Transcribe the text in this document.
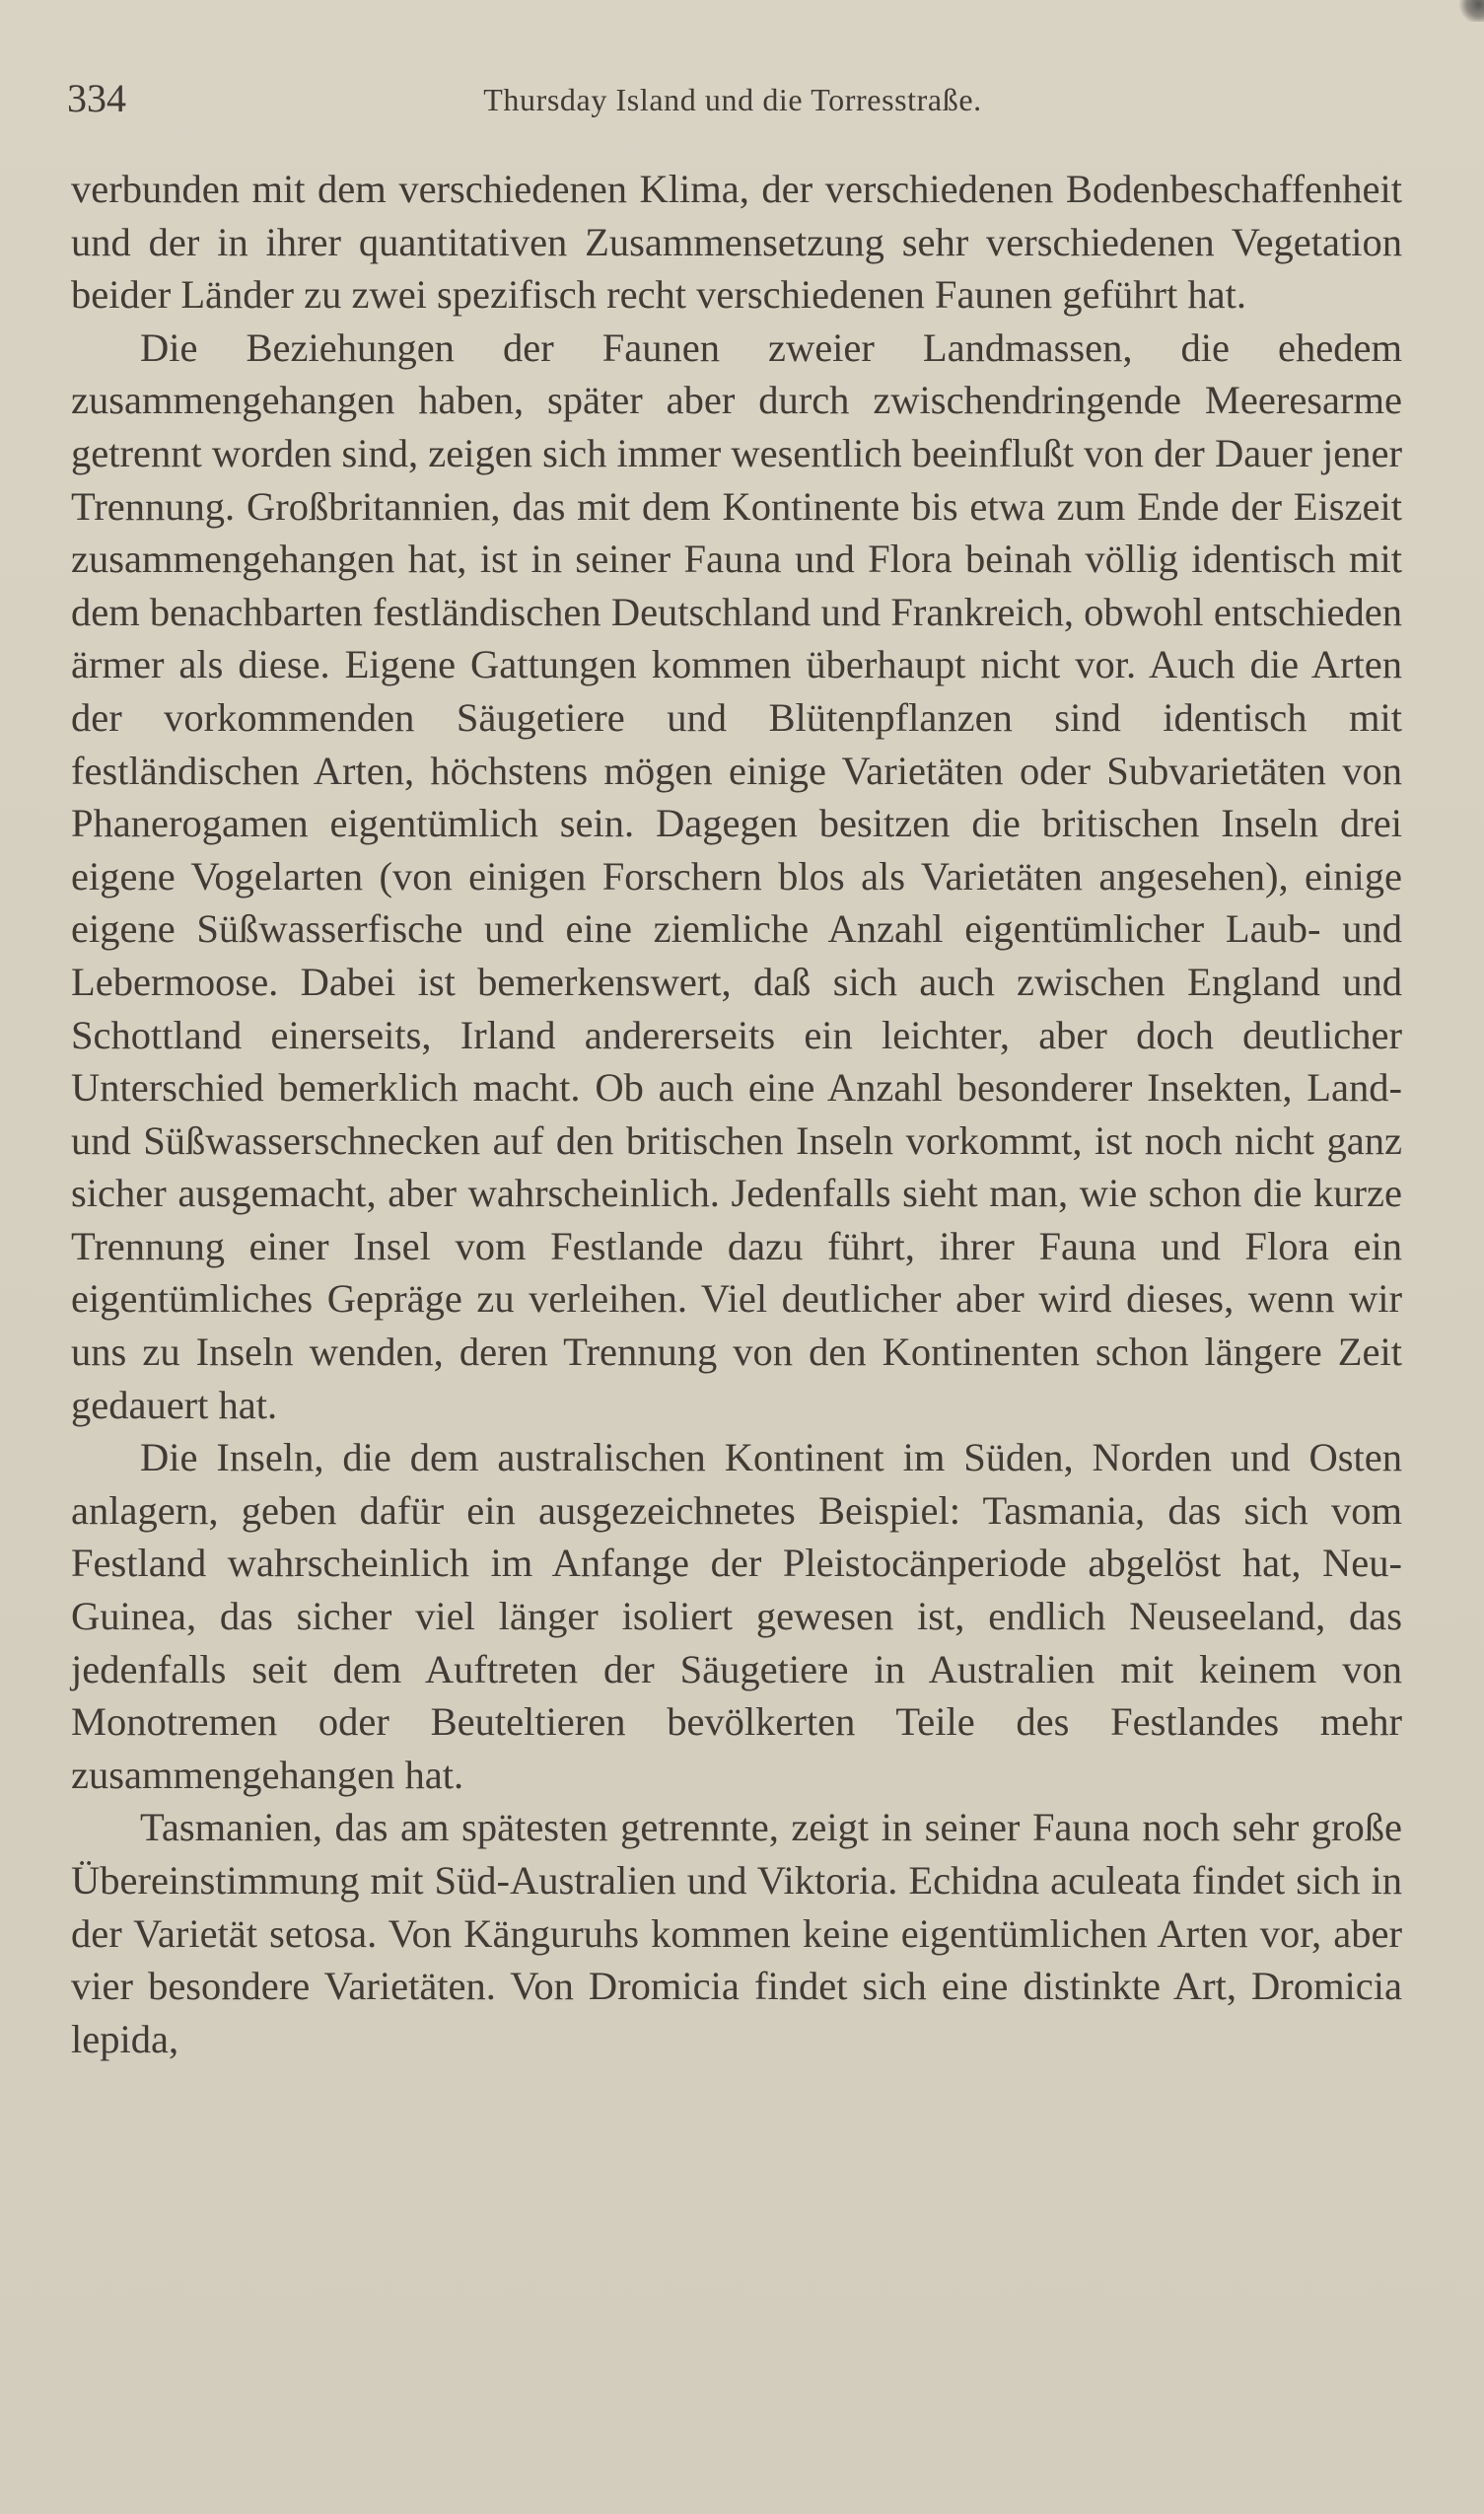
334	Thursday Island und die Torresstraße.

verbunden mit dem verschiedenen Klima, der verschiedenen Bodenbeschaffenheit und der in ihrer quantitativen Zusammensetzung sehr verschiedenen Vegetation beider Länder zu zwei spezifisch recht verschiedenen Faunen geführt hat.

Die Beziehungen der Faunen zweier Landmassen, die ehedem zusammengehangen haben, später aber durch zwischendringende Meeresarme getrennt worden sind, zeigen sich immer wesentlich beeinflußt von der Dauer jener Trennung. Großbritannien, das mit dem Kontinente bis etwa zum Ende der Eiszeit zusammengehangen hat, ist in seiner Fauna und Flora beinah völlig identisch mit dem benachbarten festländischen Deutschland und Frankreich, obwohl entschieden ärmer als diese. Eigene Gattungen kommen überhaupt nicht vor. Auch die Arten der vorkommenden Säugetiere und Blütenpflanzen sind identisch mit festländischen Arten, höchstens mögen einige Varietäten oder Subvarietäten von Phanerogamen eigentümlich sein. Dagegen besitzen die britischen Inseln drei eigene Vogelarten (von einigen Forschern blos als Varietäten angesehen), einige eigene Süßwasserfische und eine ziemliche Anzahl eigentümlicher Laub- und Lebermoose. Dabei ist bemerkenswert, daß sich auch zwischen England und Schottland einerseits, Irland andererseits ein leichter, aber doch deutlicher Unterschied bemerklich macht. Ob auch eine Anzahl besonderer Insekten, Land- und Süßwasserschnecken auf den britischen Inseln vorkommt, ist noch nicht ganz sicher ausgemacht, aber wahrscheinlich. Jedenfalls sieht man, wie schon die kurze Trennung einer Insel vom Festlande dazu führt, ihrer Fauna und Flora ein eigentümliches Gepräge zu verleihen. Viel deutlicher aber wird dieses, wenn wir uns zu Inseln wenden, deren Trennung von den Kontinenten schon längere Zeit gedauert hat.

Die Inseln, die dem australischen Kontinent im Süden, Norden und Osten anlagern, geben dafür ein ausgezeichnetes Beispiel: Tasmania, das sich vom Festland wahrscheinlich im Anfange der Pleistocänperiode abgelöst hat, Neu-Guinea, das sicher viel länger isoliert gewesen ist, endlich Neuseeland, das jedenfalls seit dem Auftreten der Säugetiere in Australien mit keinem von Monotremen oder Beuteltieren bevölkerten Teile des Festlandes mehr zusammengehangen hat.

Tasmanien, das am spätesten getrennte, zeigt in seiner Fauna noch sehr große Übereinstimmung mit Süd-Australien und Viktoria. Echidna aculeata findet sich in der Varietät setosa. Von Känguruhs kommen keine eigentümlichen Arten vor, aber vier besondere Varietäten. Von Dromicia findet sich eine distinkte Art, Dromicia lepida,
